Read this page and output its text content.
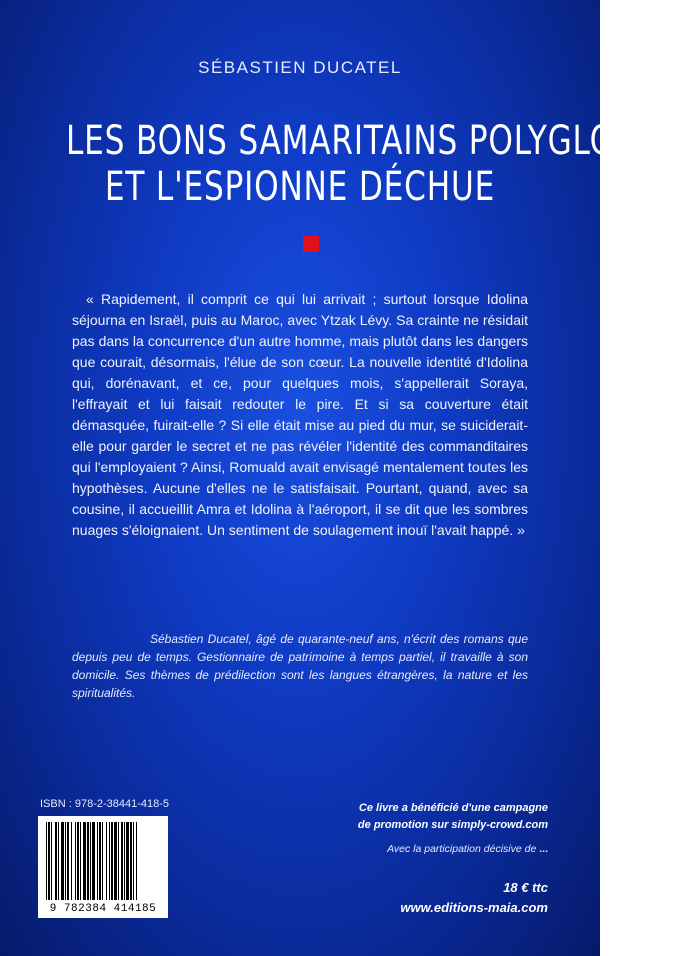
SÉBASTIEN DUCATEL
LES BONS SAMARITAINS POLYGLOTTES
ET L'ESPIONNE DÉCHUE

« Rapidement, il comprit ce qui lui arrivait ; surtout lorsque Idolina séjourna en Israël, puis au Maroc, avec Ytzak Lévy. Sa crainte ne résidait pas dans la concurrence d'un autre homme, mais plutôt dans les dangers que courait, désormais, l'élue de son cœur. La nouvelle identité d'Idolina qui, dorénavant, et ce, pour quelques mois, s'appellerait Soraya, l'effrayait et lui faisait redouter le pire. Et si sa couverture était démasquée, fuirait-elle ? Si elle était mise au pied du mur, se suiciderait-elle pour garder le secret et ne pas révéler l'identité des commanditaires qui l'employaient ? Ainsi, Romuald avait envisagé mentalement toutes les hypothèses. Aucune d'elles ne le satisfaisait. Pourtant, quand, avec sa cousine, il accueillit Amra et Idolina à l'aéroport, il se dit que les sombres nuages s'éloignaient. Un sentiment de soulagement inouï l'avait happé. »

Sébastien Ducatel, âgé de quarante-neuf ans, n'écrit des romans que depuis peu de temps. Gestionnaire de patrimoine à temps partiel, il travaille à son domicile. Ses thèmes de prédilection sont les langues étrangères, la nature et les spiritualités.

ISBN : 978-2-38441-418-5
9 782384 414185
Ce livre a bénéficié d'une campagne
de promotion sur simply-crowd.com
Avec la participation décisive de ...
18 € ttc
www.editions-maia.com
